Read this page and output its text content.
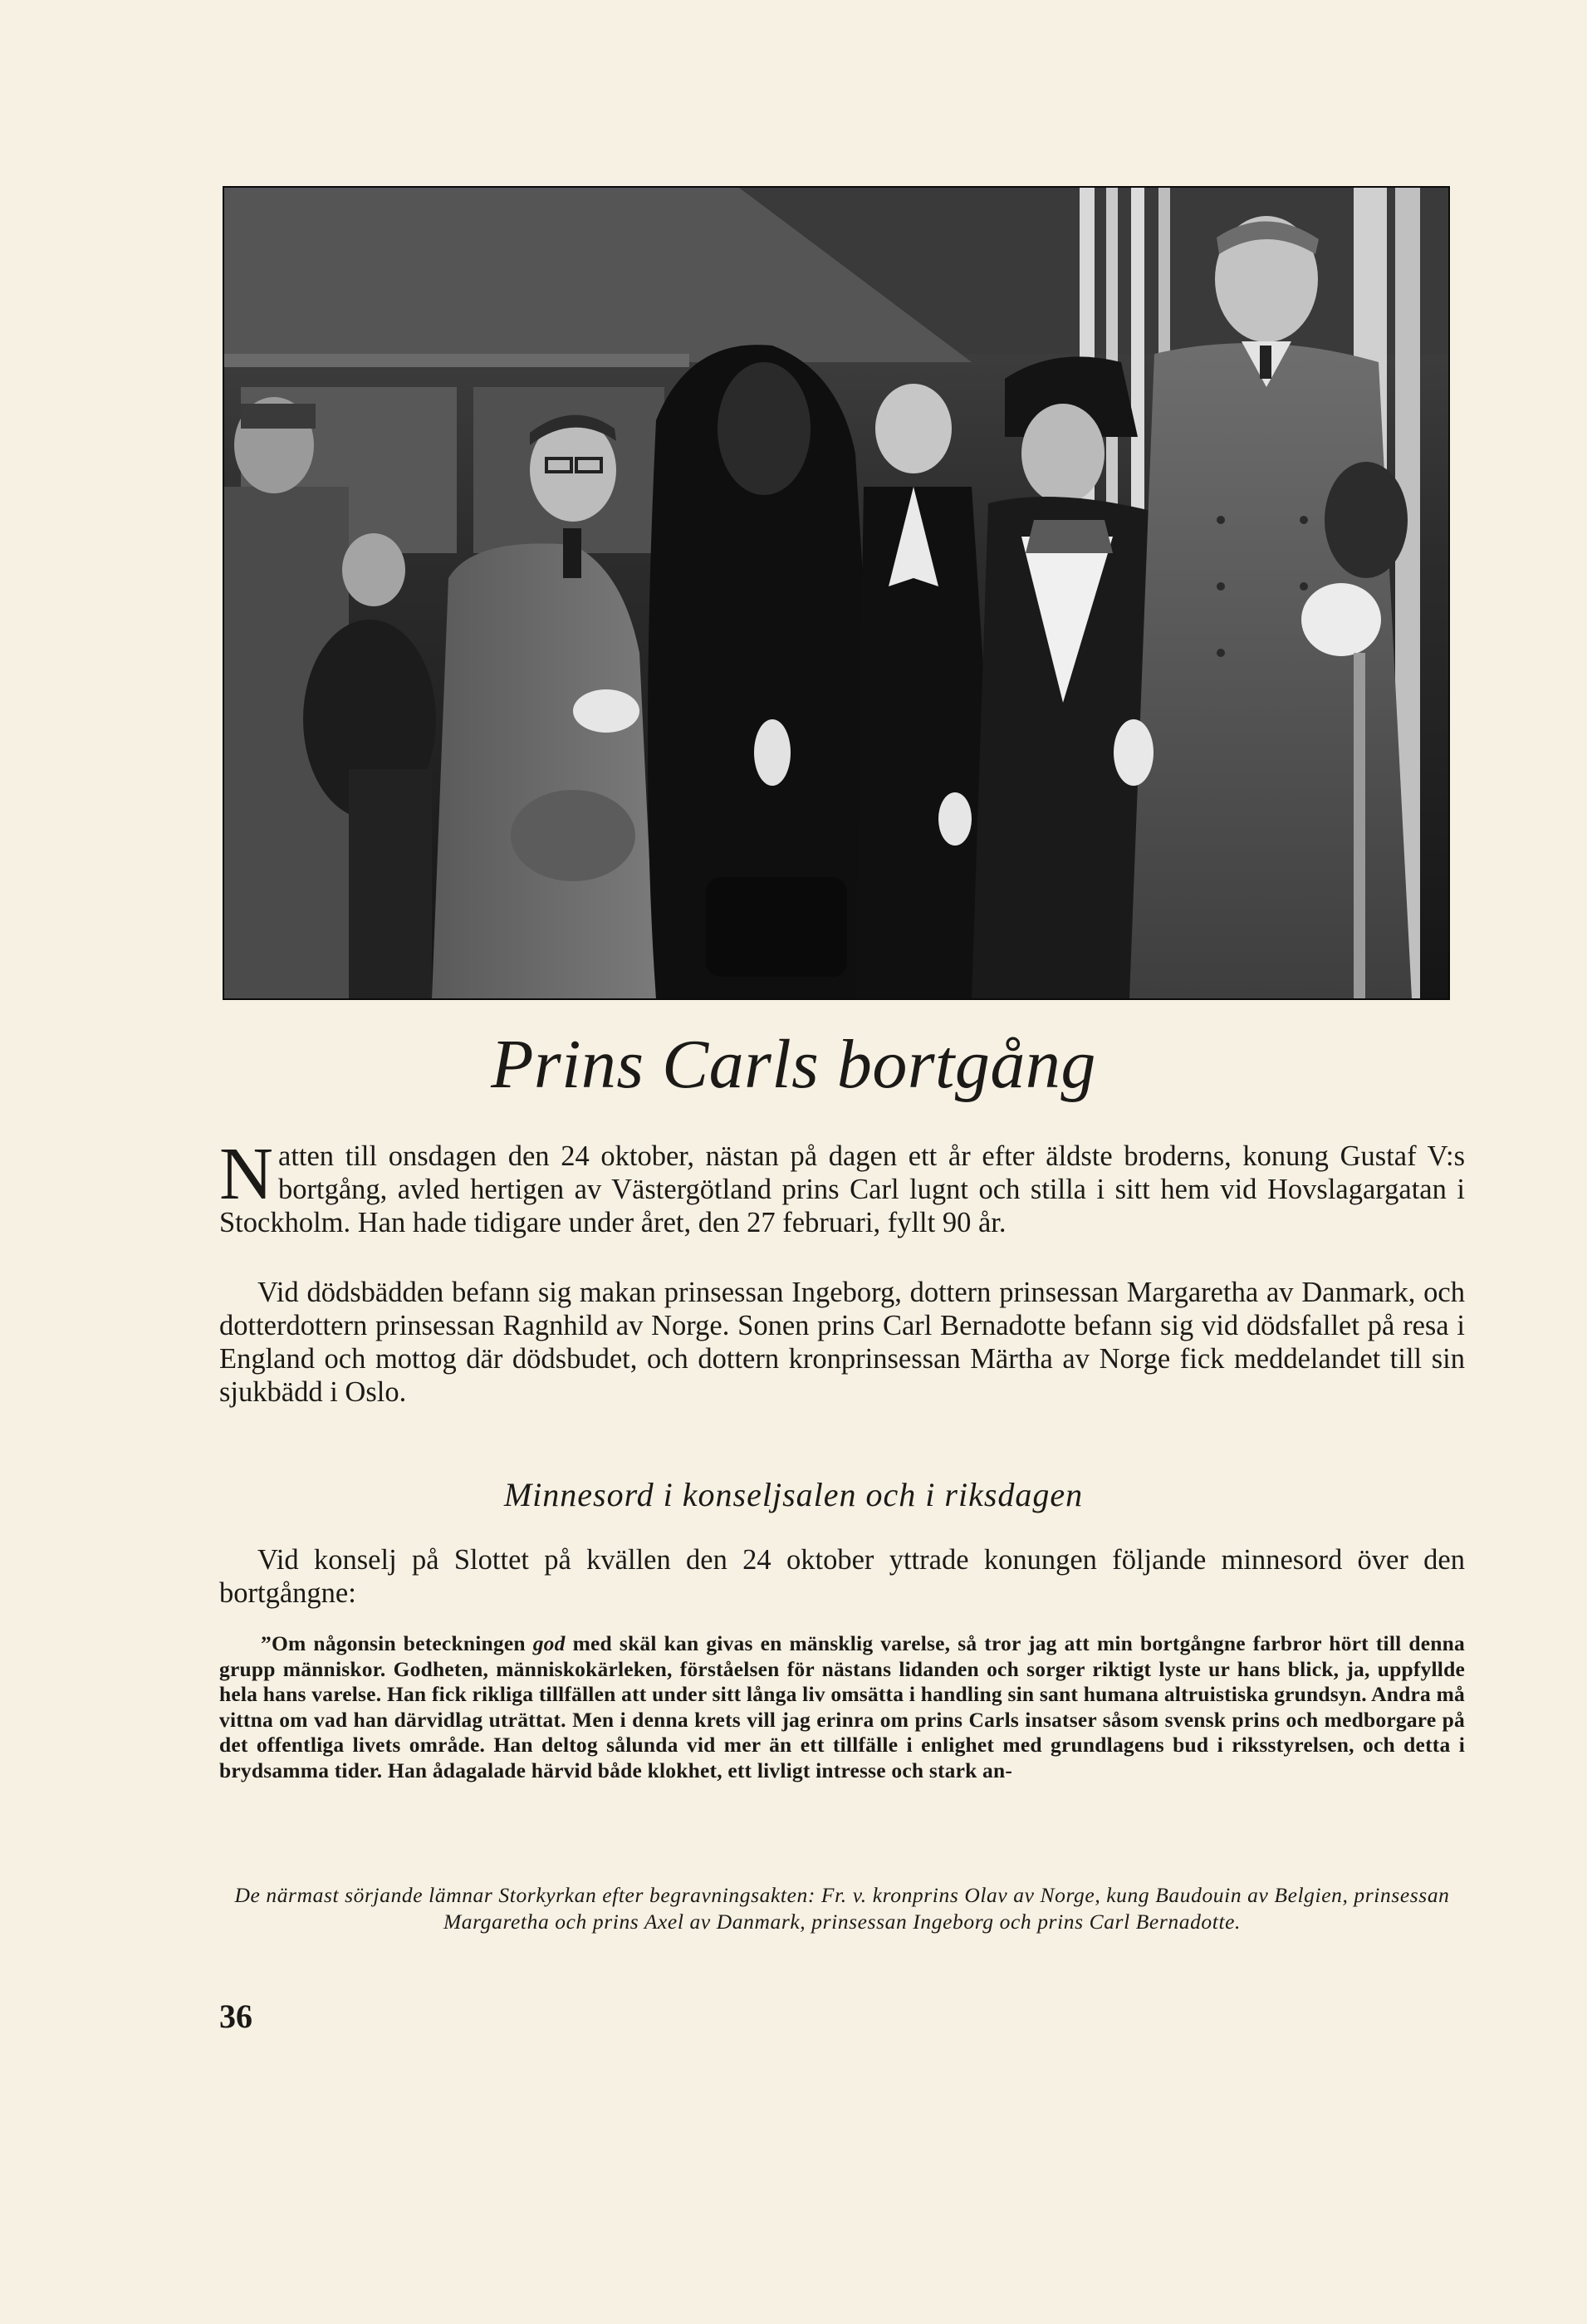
Prins Carls bortgång

Natten till onsdagen den 24 oktober, nästan på dagen ett år efter äldste broderns, konung Gustaf V:s bortgång, avled hertigen av Västergötland prins Carl lugnt och stilla i sitt hem vid Hovslagargatan i Stockholm. Han hade tidigare under året, den 27 februari, fyllt 90 år.

Vid dödsbädden befann sig makan prinsessan Ingeborg, dottern prinsessan Margaretha av Danmark, och dotterdottern prinsessan Ragnhild av Norge. Sonen prins Carl Bernadotte befann sig vid dödsfallet på resa i England och mottog där dödsbudet, och dottern kronprinsessan Märtha av Norge fick meddelandet till sin sjukbädd i Oslo.

Minnesord i konseljsalen och i riksdagen

Vid konselj på Slottet på kvällen den 24 oktober yttrade konungen följande minnesord över den bortgångne:

”Om någonsin beteckningen god med skäl kan givas en mänsklig varelse, så tror jag att min bortgångne farbror hört till denna grupp människor. Godheten, människokärleken, förståelsen för nästans lidanden och sorger riktigt lyste ur hans blick, ja, uppfyllde hela hans varelse. Han fick rikliga tillfällen att under sitt långa liv omsätta i handling sin sant humana altruistiska grundsyn. Andra må vittna om vad han därvidlag uträttat. Men i denna krets vill jag erinra om prins Carls insatser såsom svensk prins och medborgare på det offentliga livets område. Han deltog sålunda vid mer än ett tillfälle i enlighet med grundlagens bud i riksstyrelsen, och detta i brydsamma tider. Han ådagalade härvid både klokhet, ett livligt intresse och stark an-

De närmast sörjande lämnar Storkyrkan efter begravningsakten: Fr. v. kronprins Olav av Norge, kung Baudouin av Belgien, prinsessan Margaretha och prins Axel av Danmark, prinsessan Ingeborg och prins Carl Bernadotte.
36
